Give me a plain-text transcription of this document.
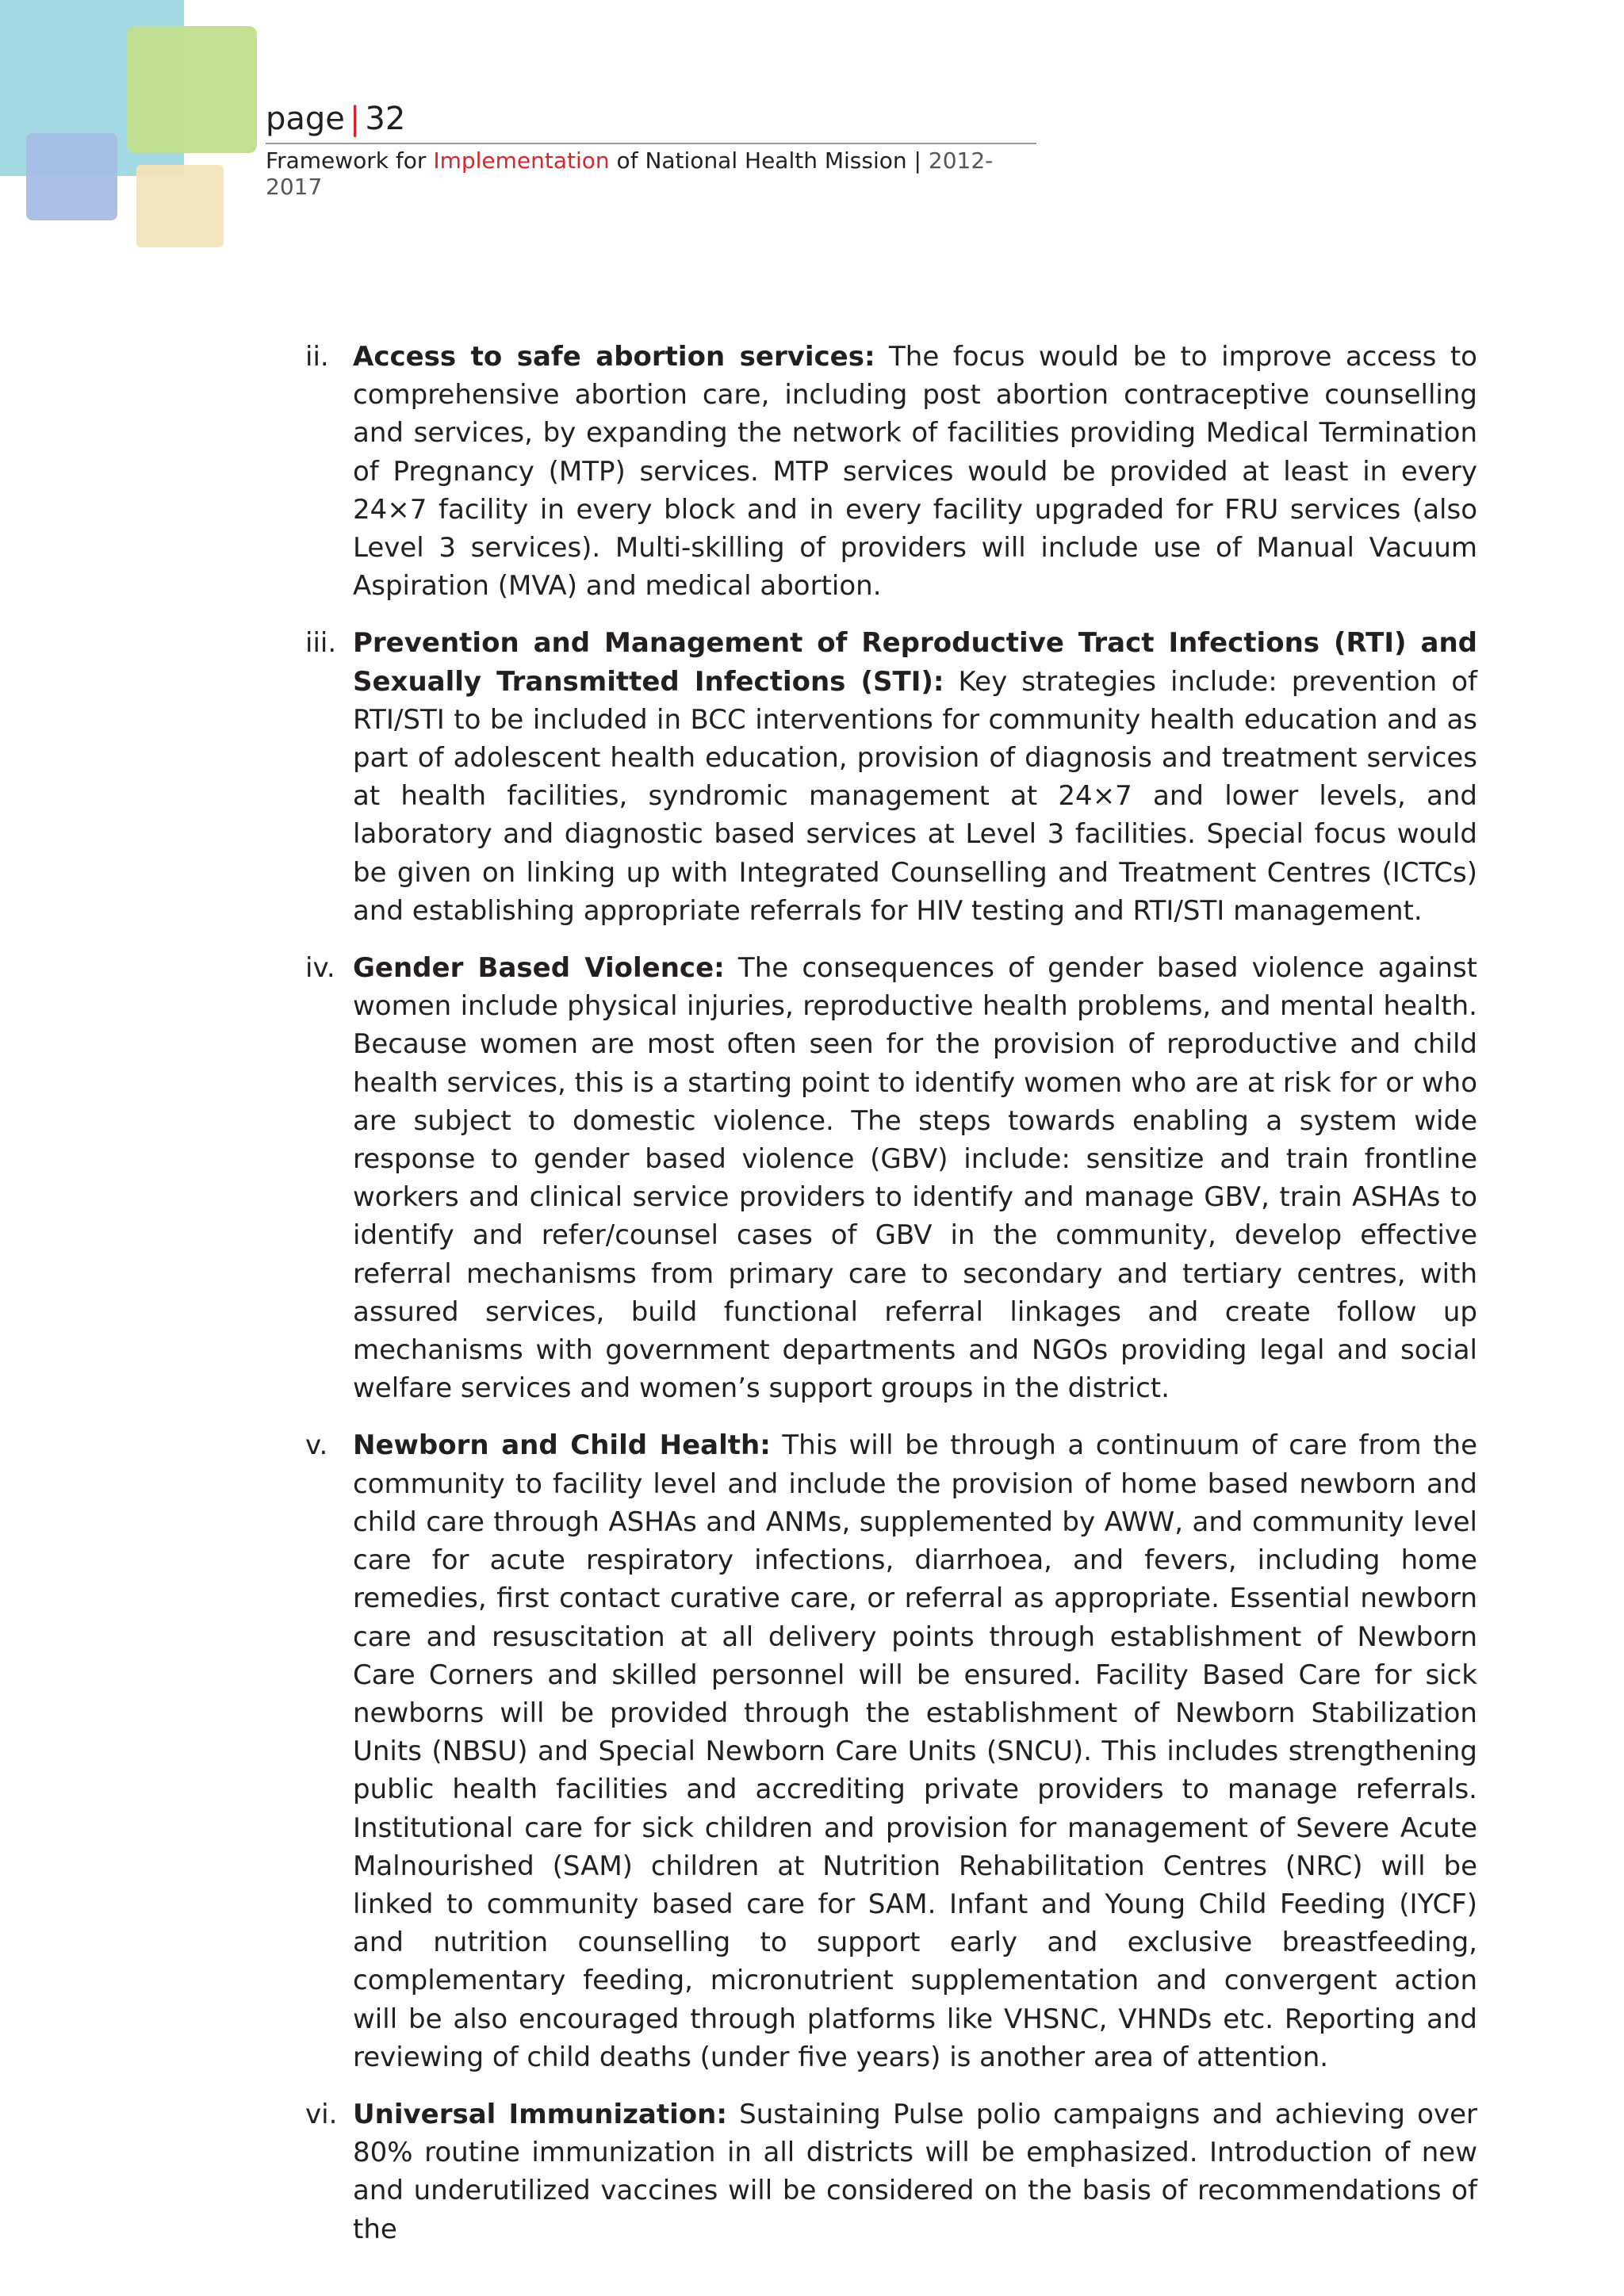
page | 32
Framework for Implementation of National Health Mission | 2012-2017
ii. Access to safe abortion services: The focus would be to improve access to comprehensive abortion care, including post abortion contraceptive counselling and services, by expanding the network of facilities providing Medical Termination of Pregnancy (MTP) services. MTP services would be provided at least in every 24×7 facility in every block and in every facility upgraded for FRU services (also Level 3 services). Multi-skilling of providers will include use of Manual Vacuum Aspiration (MVA) and medical abortion.
iii. Prevention and Management of Reproductive Tract Infections (RTI) and Sexually Transmitted Infections (STI): Key strategies include: prevention of RTI/STI to be included in BCC interventions for community health education and as part of adolescent health education, provision of diagnosis and treatment services at health facilities, syndromic management at 24×7 and lower levels, and laboratory and diagnostic based services at Level 3 facilities. Special focus would be given on linking up with Integrated Counselling and Treatment Centres (ICTCs) and establishing appropriate referrals for HIV testing and RTI/STI management.
iv. Gender Based Violence: The consequences of gender based violence against women include physical injuries, reproductive health problems, and mental health. Because women are most often seen for the provision of reproductive and child health services, this is a starting point to identify women who are at risk for or who are subject to domestic violence. The steps towards enabling a system wide response to gender based violence (GBV) include: sensitize and train frontline workers and clinical service providers to identify and manage GBV, train ASHAs to identify and refer/counsel cases of GBV in the community, develop effective referral mechanisms from primary care to secondary and tertiary centres, with assured services, build functional referral linkages and create follow up mechanisms with government departments and NGOs providing legal and social welfare services and women’s support groups in the district.
v. Newborn and Child Health: This will be through a continuum of care from the community to facility level and include the provision of home based newborn and child care through ASHAs and ANMs, supplemented by AWW, and community level care for acute respiratory infections, diarrhoea, and fevers, including home remedies, first contact curative care, or referral as appropriate. Essential newborn care and resuscitation at all delivery points through establishment of Newborn Care Corners and skilled personnel will be ensured. Facility Based Care for sick newborns will be provided through the establishment of Newborn Stabilization Units (NBSU) and Special Newborn Care Units (SNCU). This includes strengthening public health facilities and accrediting private providers to manage referrals. Institutional care for sick children and provision for management of Severe Acute Malnourished (SAM) children at Nutrition Rehabilitation Centres (NRC) will be linked to community based care for SAM. Infant and Young Child Feeding (IYCF) and nutrition counselling to support early and exclusive breastfeeding, complementary feeding, micronutrient supplementation and convergent action will be also encouraged through platforms like VHSNC, VHNDs etc. Reporting and reviewing of child deaths (under five years) is another area of attention.
vi. Universal Immunization: Sustaining Pulse polio campaigns and achieving over 80% routine immunization in all districts will be emphasized. Introduction of new and underutilized vaccines will be considered on the basis of recommendations of the
